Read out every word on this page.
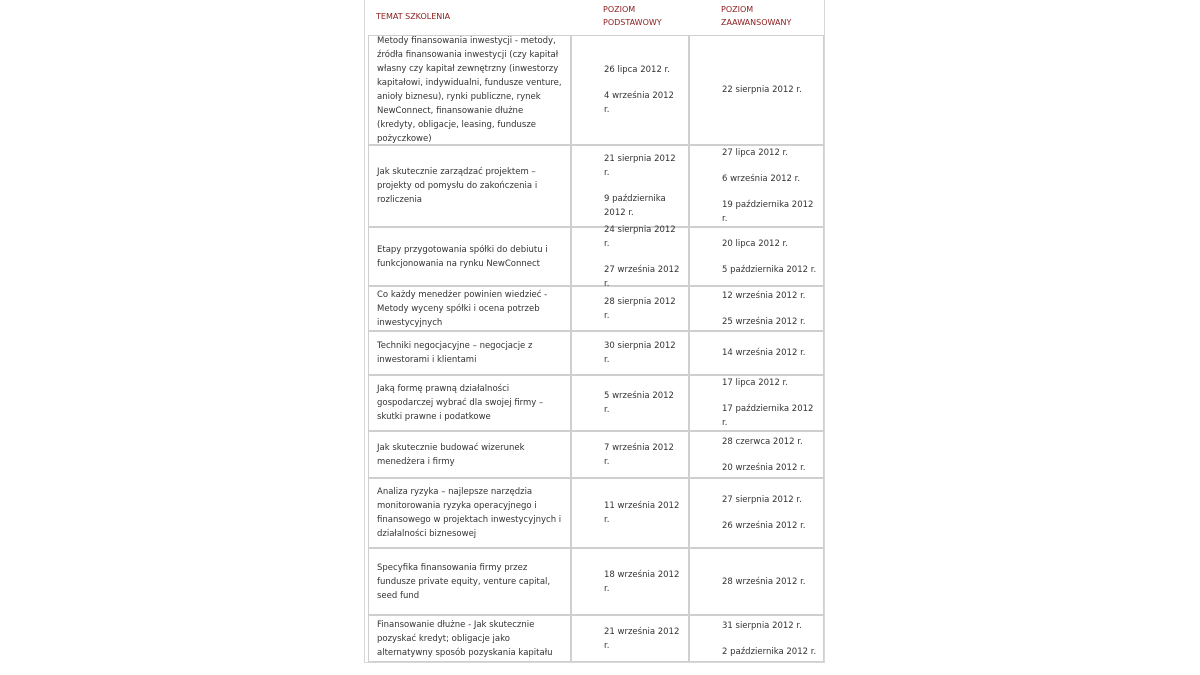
TEMAT SZKOLENIA
POZIOM PODSTAWOWY
POZIOM ZAAWANSOWANY

Metody finansowania inwestycji - metody, źródła finansowania inwestycji (czy kapitał własny czy kapitał zewnętrzny (inwestorzy kapitałowi, indywidualni, fundusze venture, anioły biznesu), rynki publiczne, rynek NewConnect, finansowanie dłużne (kredyty, obligacje, leasing, fundusze pożyczkowe)

26 lipca 2012 r.

4 września 2012 r.

22 sierpnia 2012 r.

Jak skutecznie zarządzać projektem – projekty od pomysłu do zakończenia i rozliczenia

21 sierpnia 2012 r.

9 października 2012 r.

27 lipca 2012 r.

6 września 2012 r.

19 października 2012 r.

Etapy przygotowania spółki do debiutu i funkcjonowania na rynku NewConnect

24 sierpnia 2012 r.

27 września 2012 r.

20 lipca 2012 r.

5 października 2012 r.

Co każdy menedżer powinien wiedzieć - Metody wyceny spółki i ocena potrzeb inwestycyjnych

28 sierpnia 2012 r.

12 września 2012 r.

25 września 2012 r.

Techniki negocjacyjne – negocjacje z inwestorami i klientami

30 sierpnia 2012 r.

14 września 2012 r.

Jaką formę prawną działalności gospodarczej wybrać dla swojej firmy – skutki prawne i podatkowe

5 września 2012 r.

17 lipca 2012 r.

17 października 2012 r.

Jak skutecznie budować wizerunek menedżera i firmy

7 września 2012 r.

28 czerwca 2012 r.

20 września 2012 r.

Analiza ryzyka – najlepsze narzędzia monitorowania ryzyka operacyjnego i finansowego w projektach inwestycyjnych i działalności biznesowej

11 września 2012 r.

27 sierpnia 2012 r.

26 września 2012 r.

Specyfika finansowania firmy przez fundusze private equity, venture capital, seed fund

18 września 2012 r.

28 września 2012 r.

Finansowanie dłużne - Jak skutecznie pozyskać kredyt; obligacje jako alternatywny sposób pozyskania kapitału

21 września 2012 r.

31 sierpnia 2012 r.

2 października 2012 r.
